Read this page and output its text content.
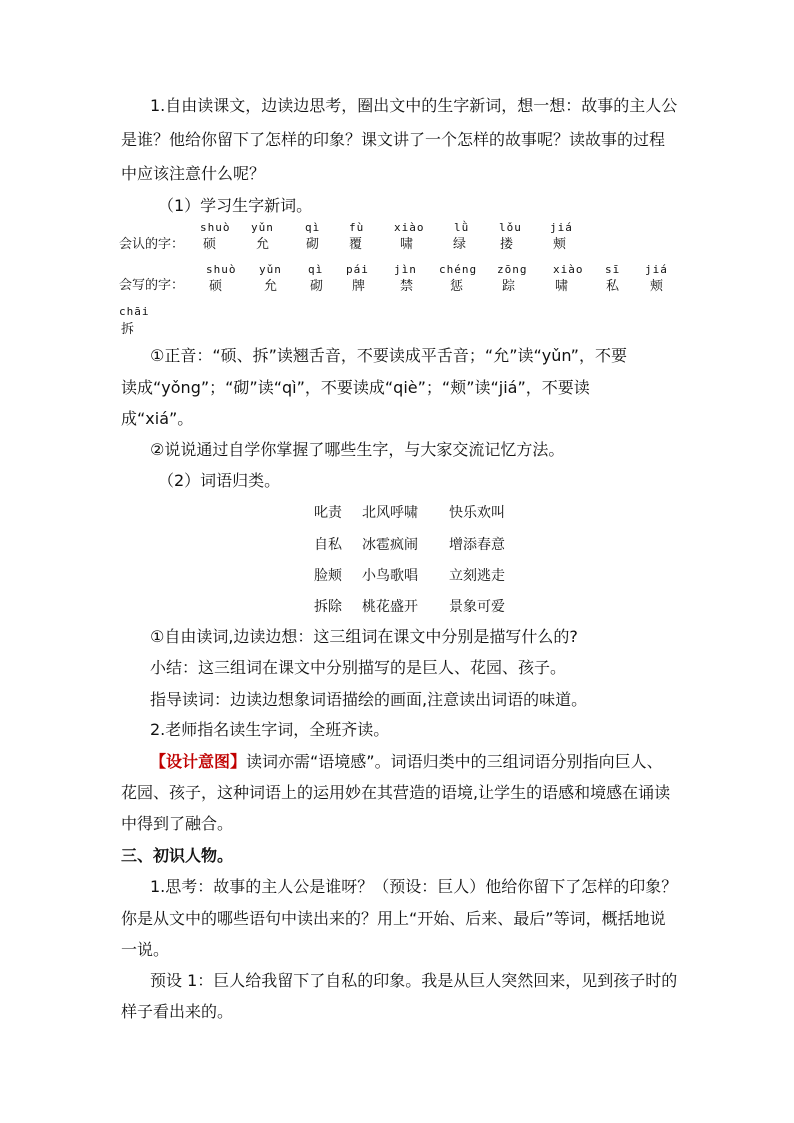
1.自由读课文，边读边思考，圈出文中的生字新词，想一想：故事的主人公
是谁？他给你留下了怎样的印象？课文讲了一个怎样的故事呢？读故事的过程
中应该注意什么呢？
（1）学习生字新词。
会认的字：
shuò
硕
yǔn
允
qì
砌
fù
覆
xiào
啸
lǜ
绿
lǒu
搂
jiá
颊
会写的字：
shuò
硕
yǔn
允
qì
砌
pái
牌
jìn
禁
chéng
惩
zōng
踪
xiào
啸
sī
私
jiá
颊
chāi
拆
①正音：“硕、拆”读翘舌音，不要读成平舌音；“允”读“yǔn”，不要
读成“yǒng”；“砌”读“qì”，不要读成“qiè”；“颊”读“jiá”，不要读
成“xiá”。
②说说通过自学你掌握了哪些生字，与大家交流记忆方法。
（2）词语归类。
叱责 北风呼啸 快乐欢叫
自私 冰雹疯闹 增添春意
脸颊 小鸟歌唱 立刻逃走
拆除 桃花盛开 景象可爱
①自由读词,边读边想：这三组词在课文中分别是描写什么的?
小结：这三组词在课文中分别描写的是巨人、花园、孩子。
指导读词：边读边想象词语描绘的画面,注意读出词语的味道。
2.老师指名读生字词，全班齐读。
【设计意图】读词亦需“语境感”。词语归类中的三组词语分别指向巨人、
花园、孩子，这种词语上的运用妙在其营造的语境,让学生的语感和境感在诵读
中得到了融合。
三、初识人物。
1.思考：故事的主人公是谁呀？（预设：巨人）他给你留下了怎样的印象？
你是从文中的哪些语句中读出来的？用上“开始、后来、最后”等词，概括地说
一说。
预设 1：巨人给我留下了自私的印象。我是从巨人突然回来，见到孩子时的
样子看出来的。
